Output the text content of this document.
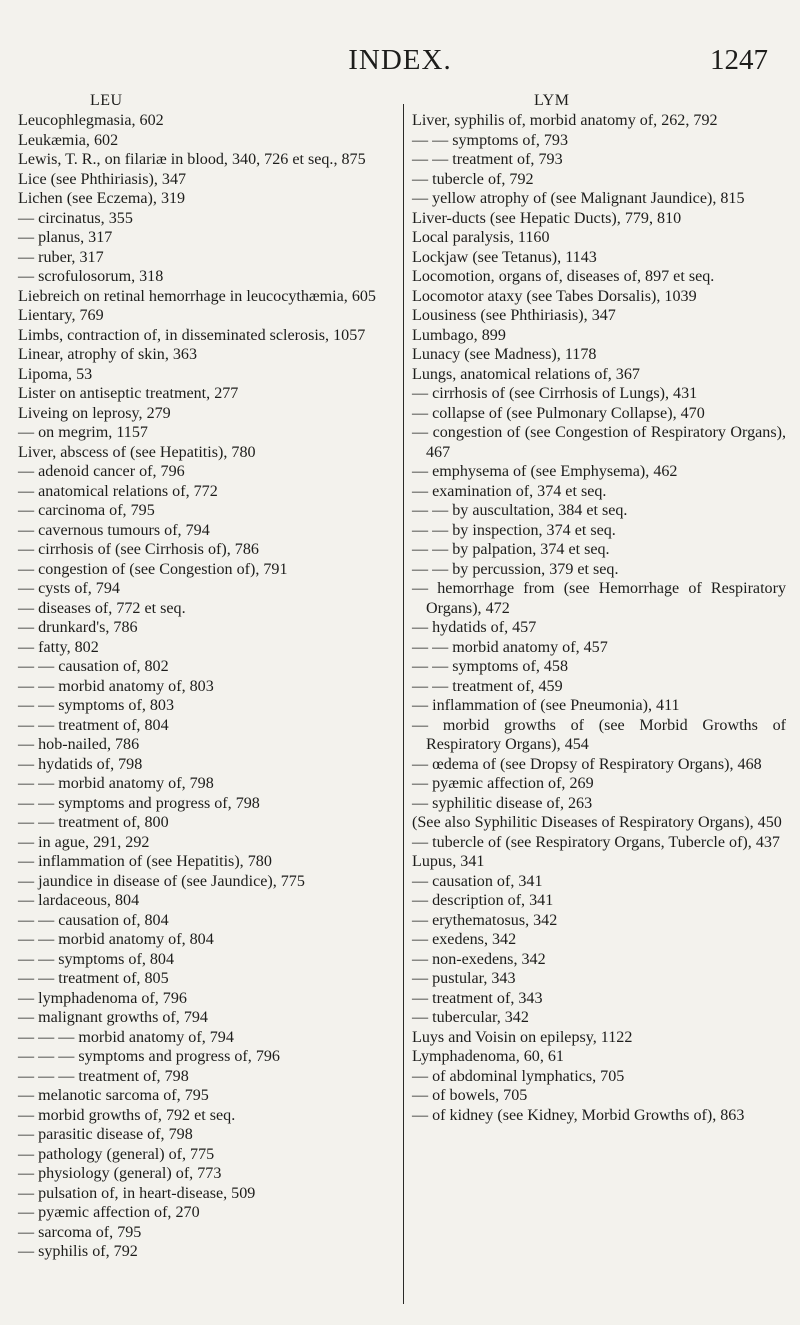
INDEX.	1247
LEU	LYM
Leucophlegmasia, 602
Leukæmia, 602
Lewis, T. R., on filariæ in blood, 340, 726 et seq., 875
Lice (see Phthiriasis), 347
Lichen (see Eczema), 319
— circinatus, 355
— planus, 317
— ruber, 317
— scrofulosorum, 318
Liebreich on retinal hemorrhage in leucocythæmia, 605
Lientary, 769
Limbs, contraction of, in disseminated sclerosis, 1057
Linear, atrophy of skin, 363
Lipoma, 53
Lister on antiseptic treatment, 277
Liveing on leprosy, 279
— on megrim, 1157
Liver, abscess of (see Hepatitis), 780
— adenoid cancer of, 796
— anatomical relations of, 772
— carcinoma of, 795
— cavernous tumours of, 794
— cirrhosis of (see Cirrhosis of), 786
— congestion of (see Congestion of), 791
— cysts of, 794
— diseases of, 772 et seq.
— drunkard's, 786
— fatty, 802
— — causation of, 802
— — morbid anatomy of, 803
— — symptoms of, 803
— — treatment of, 804
— hob-nailed, 786
— hydatids of, 798
— — morbid anatomy of, 798
— — symptoms and progress of, 798
— — treatment of, 800
— in ague, 291, 292
— inflammation of (see Hepatitis), 780
— jaundice in disease of (see Jaundice), 775
— lardaceous, 804
— — causation of, 804
— — morbid anatomy of, 804
— — symptoms of, 804
— — treatment of, 805
— lymphadenoma of, 796
— malignant growths of, 794
— — — morbid anatomy of, 794
— — — symptoms and progress of, 796
— — — treatment of, 798
— melanotic sarcoma of, 795
— morbid growths of, 792 et seq.
— parasitic disease of, 798
— pathology (general) of, 775
— physiology (general) of, 773
— pulsation of, in heart-disease, 509
— pyæmic affection of, 270
— sarcoma of, 795
— syphilis of, 792
Liver, syphilis of, morbid anatomy of, 262, 792
— — symptoms of, 793
— — treatment of, 793
— tubercle of, 792
— yellow atrophy of (see Malignant Jaundice), 815
Liver-ducts (see Hepatic Ducts), 779, 810
Local paralysis, 1160
Lockjaw (see Tetanus), 1143
Locomotion, organs of, diseases of, 897 et seq.
Locomotor ataxy (see Tabes Dorsalis), 1039
Lousiness (see Phthiriasis), 347
Lumbago, 899
Lunacy (see Madness), 1178
Lungs, anatomical relations of, 367
— cirrhosis of (see Cirrhosis of Lungs), 431
— collapse of (see Pulmonary Collapse), 470
— congestion of (see Congestion of Respiratory Organs), 467
— emphysema of (see Emphysema), 462
— examination of, 374 et seq.
— — by auscultation, 384 et seq.
— — by inspection, 374 et seq.
— — by palpation, 374 et seq.
— — by percussion, 379 et seq.
— hemorrhage from (see Hemorrhage of Respiratory Organs), 472
— hydatids of, 457
— — morbid anatomy of, 457
— — symptoms of, 458
— — treatment of, 459
— inflammation of (see Pneumonia), 411
— morbid growths of (see Morbid Growths of Respiratory Organs), 454
— œdema of (see Dropsy of Respiratory Organs), 468
— pyæmic affection of, 269
— syphilitic disease of, 263
(See also Syphilitic Diseases of Respiratory Organs), 450
— tubercle of (see Respiratory Organs, Tubercle of), 437
Lupus, 341
— causation of, 341
— description of, 341
— erythematosus, 342
— exedens, 342
— non-exedens, 342
— pustular, 343
— treatment of, 343
— tubercular, 342
Luys and Voisin on epilepsy, 1122
Lymphadenoma, 60, 61
— of abdominal lymphatics, 705
— of bowels, 705
— of kidney (see Kidney, Morbid Growths of), 863
